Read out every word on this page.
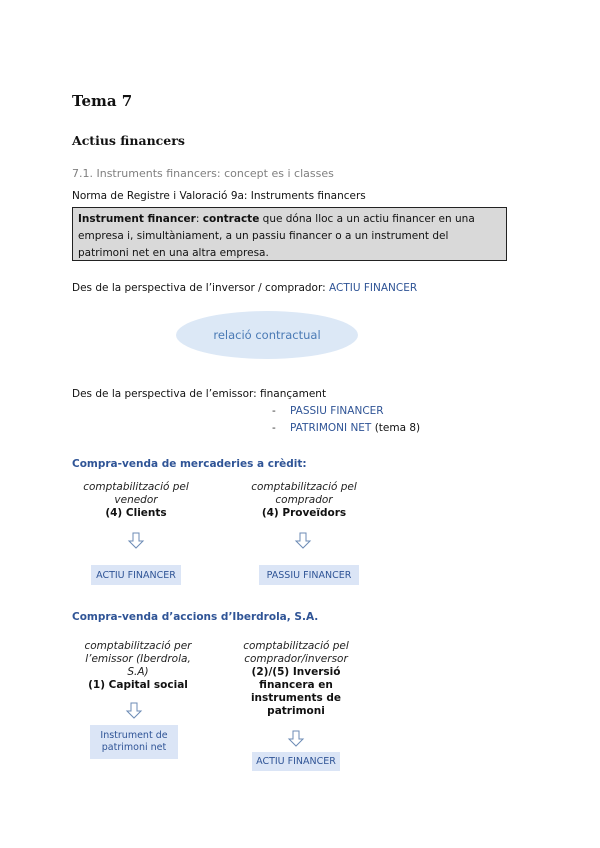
Tema 7
Actius financers
7.1. Instruments financers: concept es i classes
Norma de Registre i Valoració 9a: Instruments financers
Instrument financer: contracte que dóna lloc a un actiu financer en una empresa i, simultàniament, a un passiu financer o a un instrument del patrimoni net en una altra empresa.
Des de la perspectiva de l’inversor / comprador: ACTIU FINANCER
relació contractual
Des de la perspectiva de l’emissor: finançament
- PASSIU FINANCER
- PATRIMONI NET (tema 8)
Compra-venda de mercaderies a crèdit:
comptabilització pel venedor
(4) Clients
ACTIU FINANCER
comptabilització pel comprador
(4) Proveïdors
PASSIU FINANCER
Compra-venda d’accions d’Iberdrola, S.A.
comptabilització per l’emissor (Iberdrola, S.A)
(1) Capital social
Instrument de patrimoni net
comptabilització pel comprador/inversor
(2)/(5) Inversió financera en instruments de patrimoni
ACTIU FINANCER
